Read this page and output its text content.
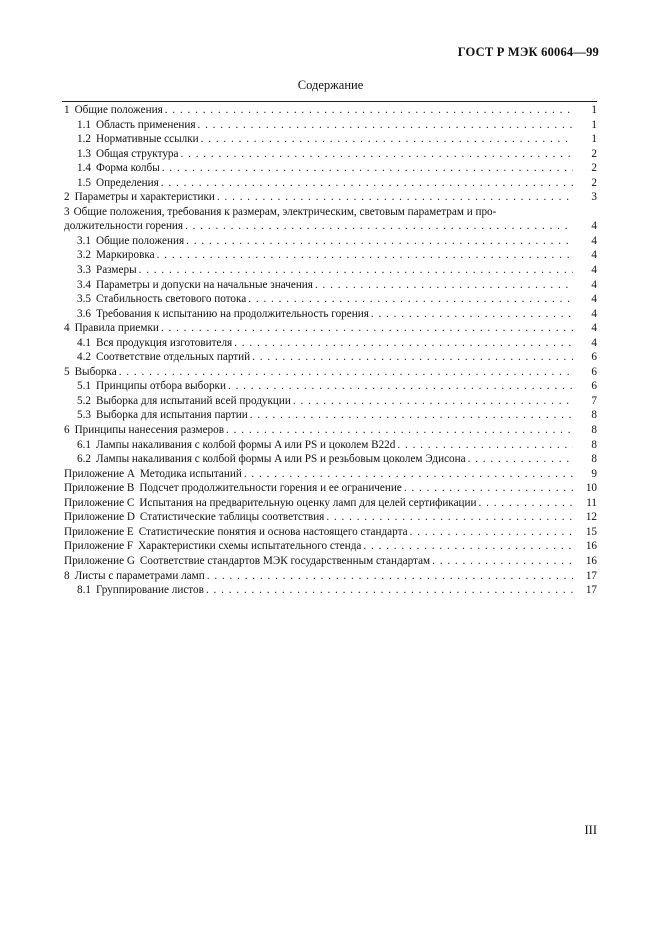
ГОСТ Р МЭК 60064—99
Содержание
1 Общие положения . . .	1
1.1 Область применения . . .	1
1.2 Нормативные ссылки . . .	1
1.3 Общая структура . . .	2
1.4 Форма колбы . . .	2
1.5 Определения . . .	2
2 Параметры и характеристики . . .	3
3 Общие положения, требования к размерам, электрическим, световым параметрам и про-
должительности горения . . .	4
3.1 Общие положения . . .	4
3.2 Маркировка . . .	4
3.3 Размеры . . .	4
3.4 Параметры и допуски на начальные значения . . .	4
3.5 Стабильность светового потока . . .	4
3.6 Требования к испытанию на продолжительность горения . . .	4
4 Правила приемки . . .	4
4.1 Вся продукция изготовителя . . .	4
4.2 Соответствие отдельных партий . . .	6
5 Выборка . . .	6
5.1 Принципы отбора выборки . . .	6
5.2 Выборка для испытаний всей продукции . . .	7
5.3 Выборка для испытания партии . . .	8
6 Принципы нанесения размеров . . .	8
6.1 Лампы накаливания с колбой формы A или PS и цоколем B22d . . .	8
6.2 Лампы накаливания с колбой формы A или PS и резьбовым цоколем Эдисона . . .	8
Приложение A Методика испытаний . . .	9
Приложение B Подсчет продолжительности горения и ее ограничение . . .	10
Приложение C Испытания на предварительную оценку ламп для целей сертификации . . .	11
Приложение D Статистические таблицы соответствия . . .	12
Приложение E Статистические понятия и основа настоящего стандарта . . .	15
Приложение F Характеристики схемы испытательного стенда . . .	16
Приложение G Соответствие стандартов МЭК государственным стандартам . . .	16
8 Листы с параметрами ламп . . .	17
8.1 Группирование листов . . .	17
III
